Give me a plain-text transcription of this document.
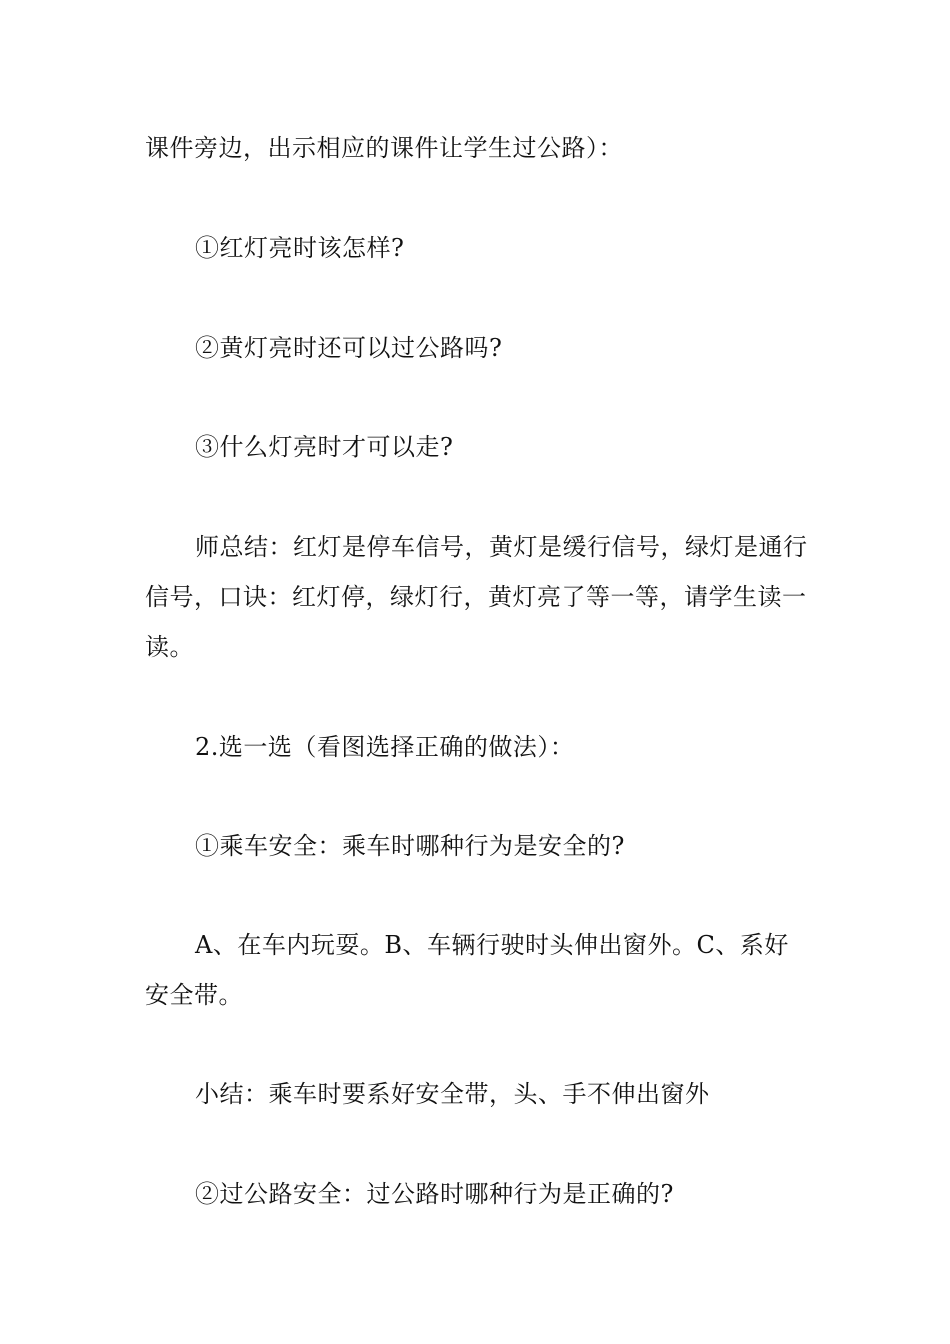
课件旁边，出示相应的课件让学生过公路）：

①红灯亮时该怎样?

②黄灯亮时还可以过公路吗?

③什么灯亮时才可以走?

师总结：红灯是停车信号，黄灯是缓行信号，绿灯是通行信号，口诀：红灯停，绿灯行，黄灯亮了等一等，请学生读一读。

2.选一选（看图选择正确的做法）：

①乘车安全：乘车时哪种行为是安全的?

A、在车内玩耍。B、车辆行驶时头伸出窗外。C、系好安全带。

小结：乘车时要系好安全带，头、手不伸出窗外

②过公路安全：过公路时哪种行为是正确的?
